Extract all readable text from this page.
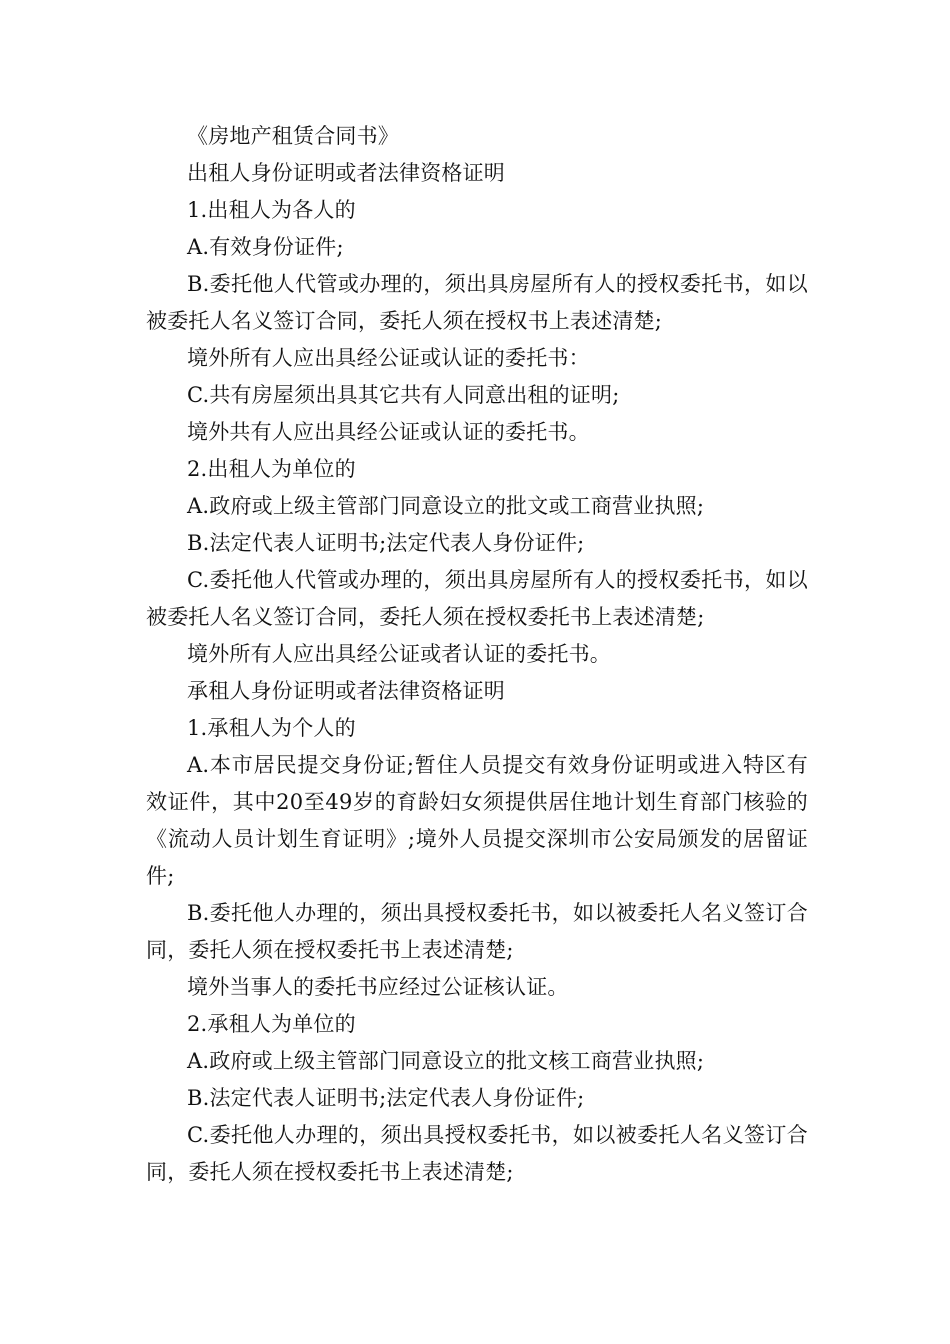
《房地产租赁合同书》

出租人身份证明或者法律资格证明

1.出租人为各人的

A.有效身份证件;

B.委托他人代管或办理的，须出具房屋所有人的授权委托书，如以被委托人名义签订合同，委托人须在授权书上表述清楚;

境外所有人应出具经公证或认证的委托书：

C.共有房屋须出具其它共有人同意出租的证明;

境外共有人应出具经公证或认证的委托书。

2.出租人为单位的

A.政府或上级主管部门同意设立的批文或工商营业执照;

B.法定代表人证明书;法定代表人身份证件;

C.委托他人代管或办理的，须出具房屋所有人的授权委托书，如以被委托人名义签订合同，委托人须在授权委托书上表述清楚;

境外所有人应出具经公证或者认证的委托书。

承租人身份证明或者法律资格证明

1.承租人为个人的

A.本市居民提交身份证;暂住人员提交有效身份证明或进入特区有效证件，其中20至49岁的育龄妇女须提供居住地计划生育部门核验的《流动人员计划生育证明》;境外人员提交深圳市公安局颁发的居留证件;

B.委托他人办理的，须出具授权委托书，如以被委托人名义签订合同，委托人须在授权委托书上表述清楚;

境外当事人的委托书应经过公证核认证。

2.承租人为单位的

A.政府或上级主管部门同意设立的批文核工商营业执照;

B.法定代表人证明书;法定代表人身份证件;

C.委托他人办理的，须出具授权委托书，如以被委托人名义签订合同，委托人须在授权委托书上表述清楚;
